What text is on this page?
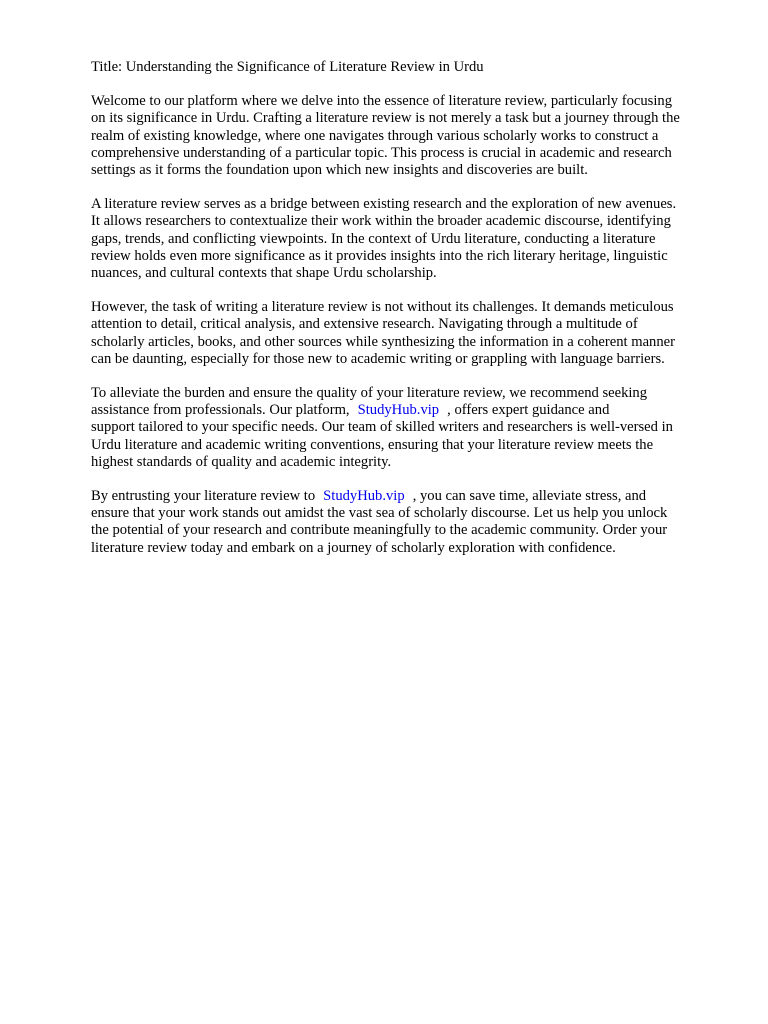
Title: Understanding the Significance of Literature Review in Urdu
Welcome to our platform where we delve into the essence of literature review, particularly focusing
on its significance in Urdu. Crafting a literature review is not merely a task but a journey through the
realm of existing knowledge, where one navigates through various scholarly works to construct a
comprehensive understanding of a particular topic. This process is crucial in academic and research
settings as it forms the foundation upon which new insights and discoveries are built.
A literature review serves as a bridge between existing research and the exploration of new avenues.
It allows researchers to contextualize their work within the broader academic discourse, identifying
gaps, trends, and conflicting viewpoints. In the context of Urdu literature, conducting a literature
review holds even more significance as it provides insights into the rich literary heritage, linguistic
nuances, and cultural contexts that shape Urdu scholarship.
However, the task of writing a literature review is not without its challenges. It demands meticulous
attention to detail, critical analysis, and extensive research. Navigating through a multitude of
scholarly articles, books, and other sources while synthesizing the information in a coherent manner
can be daunting, especially for those new to academic writing or grappling with language barriers.
To alleviate the burden and ensure the quality of your literature review, we recommend seeking
assistance from professionals. Our platform, StudyHub.vip , offers expert guidance and
support tailored to your specific needs. Our team of skilled writers and researchers is well-versed in
Urdu literature and academic writing conventions, ensuring that your literature review meets the
highest standards of quality and academic integrity.
By entrusting your literature review to StudyHub.vip , you can save time, alleviate stress, and
ensure that your work stands out amidst the vast sea of scholarly discourse. Let us help you unlock
the potential of your research and contribute meaningfully to the academic community. Order your
literature review today and embark on a journey of scholarly exploration with confidence.
